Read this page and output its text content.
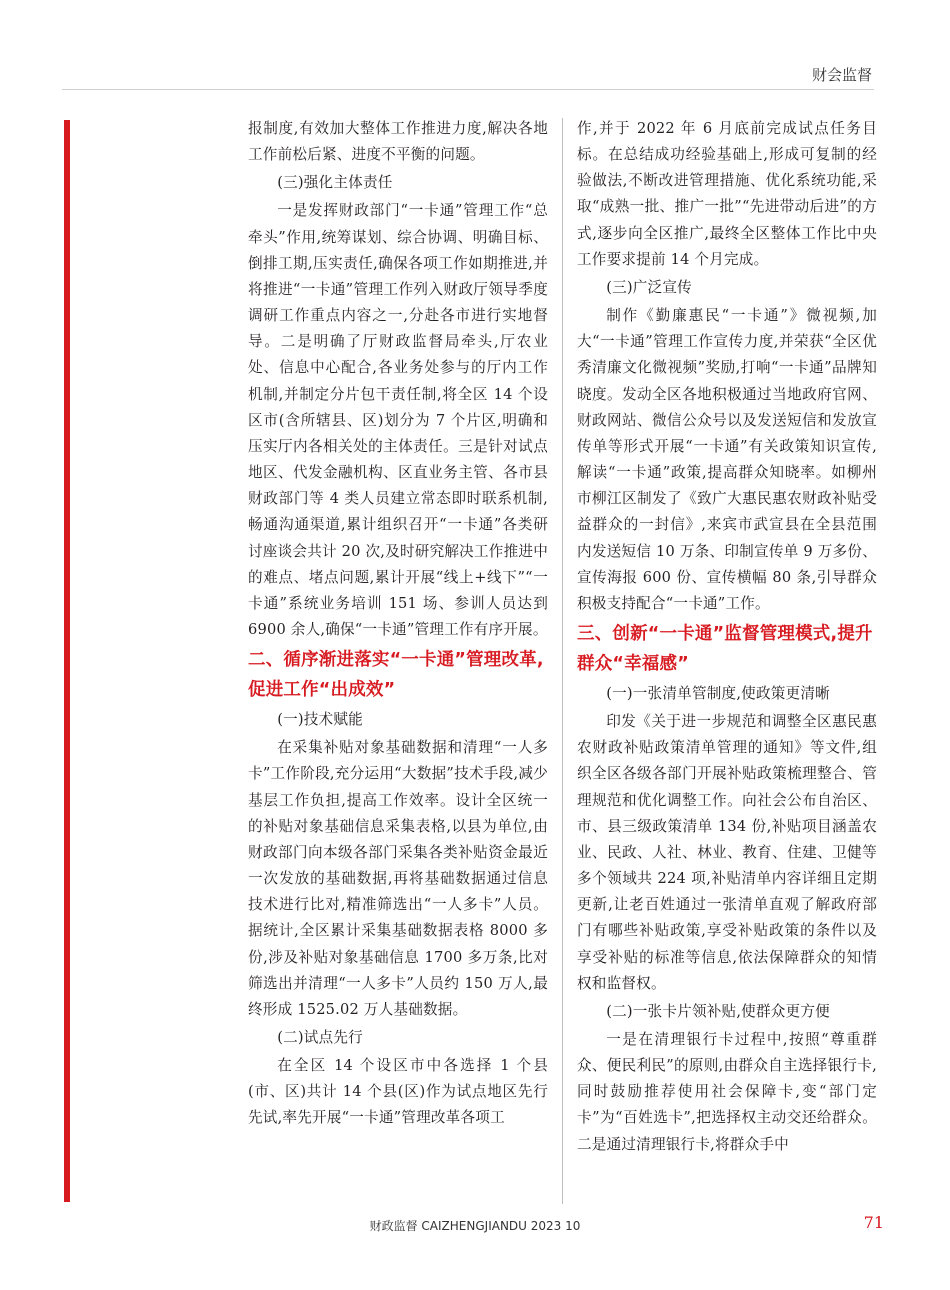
财会监督

报制度,有效加大整体工作推进力度,解决各地工作前松后紧、进度不平衡的问题。

(三)强化主体责任

一是发挥财政部门“一卡通”管理工作“总牵头”作用,统筹谋划、综合协调、明确目标、倒排工期,压实责任,确保各项工作如期推进,并将推进“一卡通”管理工作列入财政厅领导季度调研工作重点内容之一,分赴各市进行实地督导。二是明确了厅财政监督局牵头,厅农业处、信息中心配合,各业务处参与的厅内工作机制,并制定分片包干责任制,将全区 14 个设区市(含所辖县、区)划分为 7 个片区,明确和压实厅内各相关处的主体责任。三是针对试点地区、代发金融机构、区直业务主管、各市县财政部门等 4 类人员建立常态即时联系机制,畅通沟通渠道,累计组织召开“一卡通”各类研讨座谈会共计 20 次,及时研究解决工作推进中的难点、堵点问题,累计开展“线上+线下”“一卡通”系统业务培训 151 场、参训人员达到 6900 余人,确保“一卡通”管理工作有序开展。

二、循序渐进落实“一卡通”管理改革,促进工作“出成效”
(一)技术赋能

在采集补贴对象基础数据和清理“一人多卡”工作阶段,充分运用“大数据”技术手段,减少基层工作负担,提高工作效率。设计全区统一的补贴对象基础信息采集表格,以县为单位,由财政部门向本级各部门采集各类补贴资金最近一次发放的基础数据,再将基础数据通过信息技术进行比对,精准筛选出“一人多卡”人员。据统计,全区累计采集基础数据表格 8000 多份,涉及补贴对象基础信息 1700 多万条,比对筛选出并清理“一人多卡”人员约 150 万人,最终形成 1525.02 万人基础数据。

(二)试点先行

在全区 14 个设区市中各选择 1 个县(市、区)共计 14 个县(区)作为试点地区先行先试,率先开展“一卡通”管理改革各项工

作,并于 2022 年 6 月底前完成试点任务目标。在总结成功经验基础上,形成可复制的经验做法,不断改进管理措施、优化系统功能,采取“成熟一批、推广一批”“先进带动后进”的方式,逐步向全区推广,最终全区整体工作比中央工作要求提前 14 个月完成。

(三)广泛宣传

制作《勤廉惠民“一卡通”》微视频,加大“一卡通”管理工作宣传力度,并荣获“全区优秀清廉文化微视频”奖励,打响“一卡通”品牌知晓度。发动全区各地积极通过当地政府官网、财政网站、微信公众号以及发送短信和发放宣传单等形式开展“一卡通”有关政策知识宣传,解读“一卡通”政策,提高群众知晓率。如柳州市柳江区制发了《致广大惠民惠农财政补贴受益群众的一封信》,来宾市武宣县在全县范围内发送短信 10 万条、印制宣传单 9 万多份、宣传海报 600 份、宣传横幅 80 条,引导群众积极支持配合“一卡通”工作。

三、创新“一卡通”监督管理模式,提升群众“幸福感”
(一)一张清单管制度,使政策更清晰

印发《关于进一步规范和调整全区惠民惠农财政补贴政策清单管理的通知》等文件,组织全区各级各部门开展补贴政策梳理整合、管理规范和优化调整工作。向社会公布自治区、市、县三级政策清单 134 份,补贴项目涵盖农业、民政、人社、林业、教育、住建、卫健等多个领域共 224 项,补贴清单内容详细且定期更新,让老百姓通过一张清单直观了解政府部门有哪些补贴政策,享受补贴政策的条件以及享受补贴的标准等信息,依法保障群众的知情权和监督权。

(二)一张卡片领补贴,使群众更方便

一是在清理银行卡过程中,按照“尊重群众、便民利民”的原则,由群众自主选择银行卡,同时鼓励推荐使用社会保障卡,变“部门定卡”为“百姓选卡”,把选择权主动交还给群众。二是通过清理银行卡,将群众手中

财政监督 CAIZHENGJIANDU 2023 10	71
